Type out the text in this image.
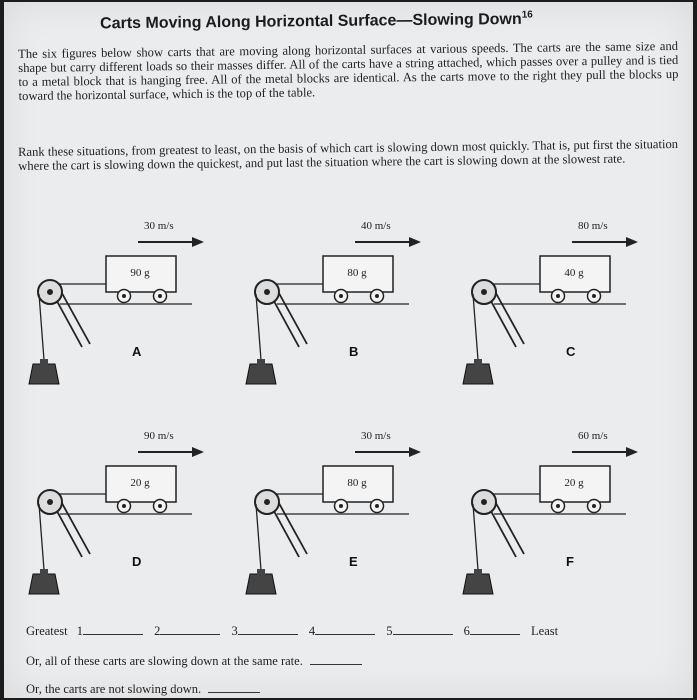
Carts Moving Along Horizontal Surface—Slowing Down$^{16}$
The six figures below show carts that are moving along horizontal surfaces at various speeds. The carts are the same size and shape but carry different loads so their masses differ. All of the carts have a string attached, which passes over a pulley and is tied to a metal block that is hanging free. All of the metal blocks are identical. As the carts move to the right they pull the blocks up toward the horizontal surface, which is the top of the table.
Rank these situations, from greatest to least, on the basis of which cart is slowing down most quickly. That is, put first the situation where the cart is slowing down the quickest, and put last the situation where the cart is slowing down at the slowest rate.
30 m/s
90 g
A
40 m/s
80 g
B
80 m/s
40 g
C
90 m/s
20 g
D
30 m/s
80 g
E
60 m/s
20 g
F
Greatest 1	2	3	4	5	6	Least
Or, all of these carts are slowing down at the same rate.
Or, the carts are not slowing down.
